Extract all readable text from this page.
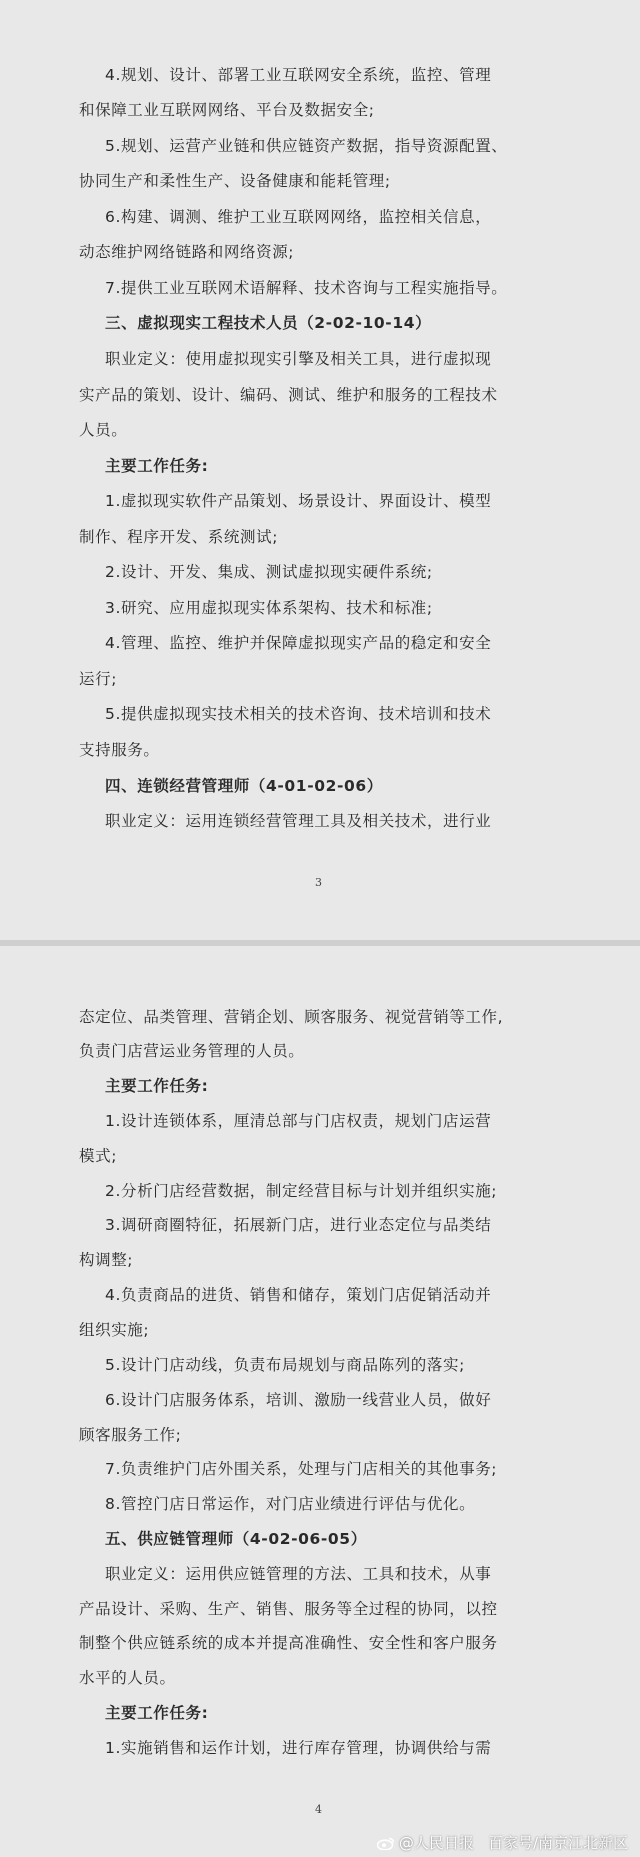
4.规划、设计、部署工业互联网安全系统，监控、管理
和保障工业互联网网络、平台及数据安全;
5.规划、运营产业链和供应链资产数据，指导资源配置、
协同生产和柔性生产、设备健康和能耗管理;
6.构建、调测、维护工业互联网网络，监控相关信息，
动态维护网络链路和网络资源;
7.提供工业互联网术语解释、技术咨询与工程实施指导。
三、虚拟现实工程技术人员（2-02-10-14）
职业定义：使用虚拟现实引擎及相关工具，进行虚拟现
实产品的策划、设计、编码、测试、维护和服务的工程技术
人员。
主要工作任务:
1.虚拟现实软件产品策划、场景设计、界面设计、模型
制作、程序开发、系统测试;
2.设计、开发、集成、测试虚拟现实硬件系统;
3.研究、应用虚拟现实体系架构、技术和标准;
4.管理、监控、维护并保障虚拟现实产品的稳定和安全
运行;
5.提供虚拟现实技术相关的技术咨询、技术培训和技术
支持服务。
四、连锁经营管理师（4-01-02-06）
职业定义：运用连锁经营管理工具及相关技术，进行业
3
态定位、品类管理、营销企划、顾客服务、视觉营销等工作,
负责门店营运业务管理的人员。
主要工作任务:
1.设计连锁体系，厘清总部与门店权责，规划门店运营
模式;
2.分析门店经营数据，制定经营目标与计划并组织实施;
3.调研商圈特征，拓展新门店，进行业态定位与品类结
构调整;
4.负责商品的进货、销售和储存，策划门店促销活动并
组织实施;
5.设计门店动线，负责布局规划与商品陈列的落实;
6.设计门店服务体系，培训、激励一线营业人员，做好
顾客服务工作;
7.负责维护门店外围关系，处理与门店相关的其他事务;
8.管控门店日常运作，对门店业绩进行评估与优化。
五、供应链管理师（4-02-06-05）
职业定义：运用供应链管理的方法、工具和技术，从事
产品设计、采购、生产、销售、服务等全过程的协同，以控
制整个供应链系统的成本并提高准确性、安全性和客户服务
水平的人员。
主要工作任务:
1.实施销售和运作计划，进行库存管理，协调供给与需
4
@人民日报 百家号/南京江北新区
